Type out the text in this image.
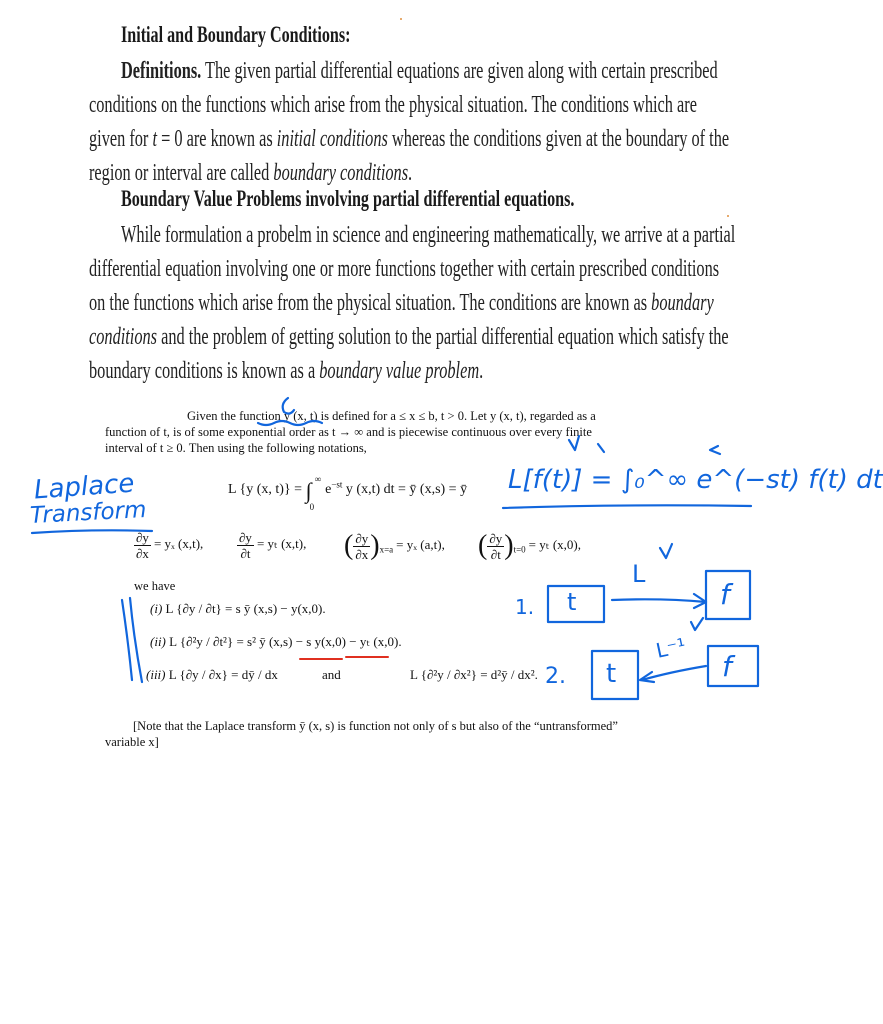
Initial and Boundary Conditions:
Definitions. The given partial differential equations are given along with certain prescribed
conditions on the functions which arise from the physical situation. The conditions which are
given for t = 0 are known as initial conditions whereas the conditions given at the boundary of the
region or interval are called boundary conditions.
Boundary Value Problems involving partial differential equations.
While formulation a probelm in science and engineering mathematically, we arrive at a partial
differential equation involving one or more functions together with certain prescribed conditions
on the functions which arise from the physical situation. The conditions are known as boundary
conditions and the problem of getting solution to the partial differential equation which satisfy the
boundary conditions is known as a boundary value problem.
Given the function y (x, t) is defined for a ≤ x ≤ b, t > 0. Let y (x, t), regarded as a
function of t, is of some exponential order as t → ∞ and is piecewise continuous over every finite
interval of t ≥ 0. Then using the following notations,
L {y (x, t)} = ∫ ∞
0
$e^{-st}$ y (x,t) dt = ȳ (x,s) = ȳ
$\frac{\partial y}{\partial x} = y_x$ (x,t),	$\frac{\partial y}{\partial t} = y_t$ (x,t), ( $\frac{\partial y}{\partial x} )_{x=a} = y_x$ (a,t), ( $\frac{\partial y}{\partial t} )_{t=0} = y_t$ (x,0),
we have
(i) L {∂y / ∂t} = s ȳ (x,s) − y(x,0).
(ii) L {∂²y / ∂t²} = s² ȳ (x,s) − s y(x,0) − yₜ (x,0).
(iii) L {∂y / ∂x} = dȳ / dx	and	L {∂²y / ∂x²} = d²ȳ / dx².
[Note that the Laplace transform ȳ (x, s) is function not only of s but also of the “untransformed”
variable x]
Laplace
Transform
L[f(t)] = ∫₀^∞ e^(−st) f(t) dt
1.
2.
t	f
t	f
L
L⁻¹
